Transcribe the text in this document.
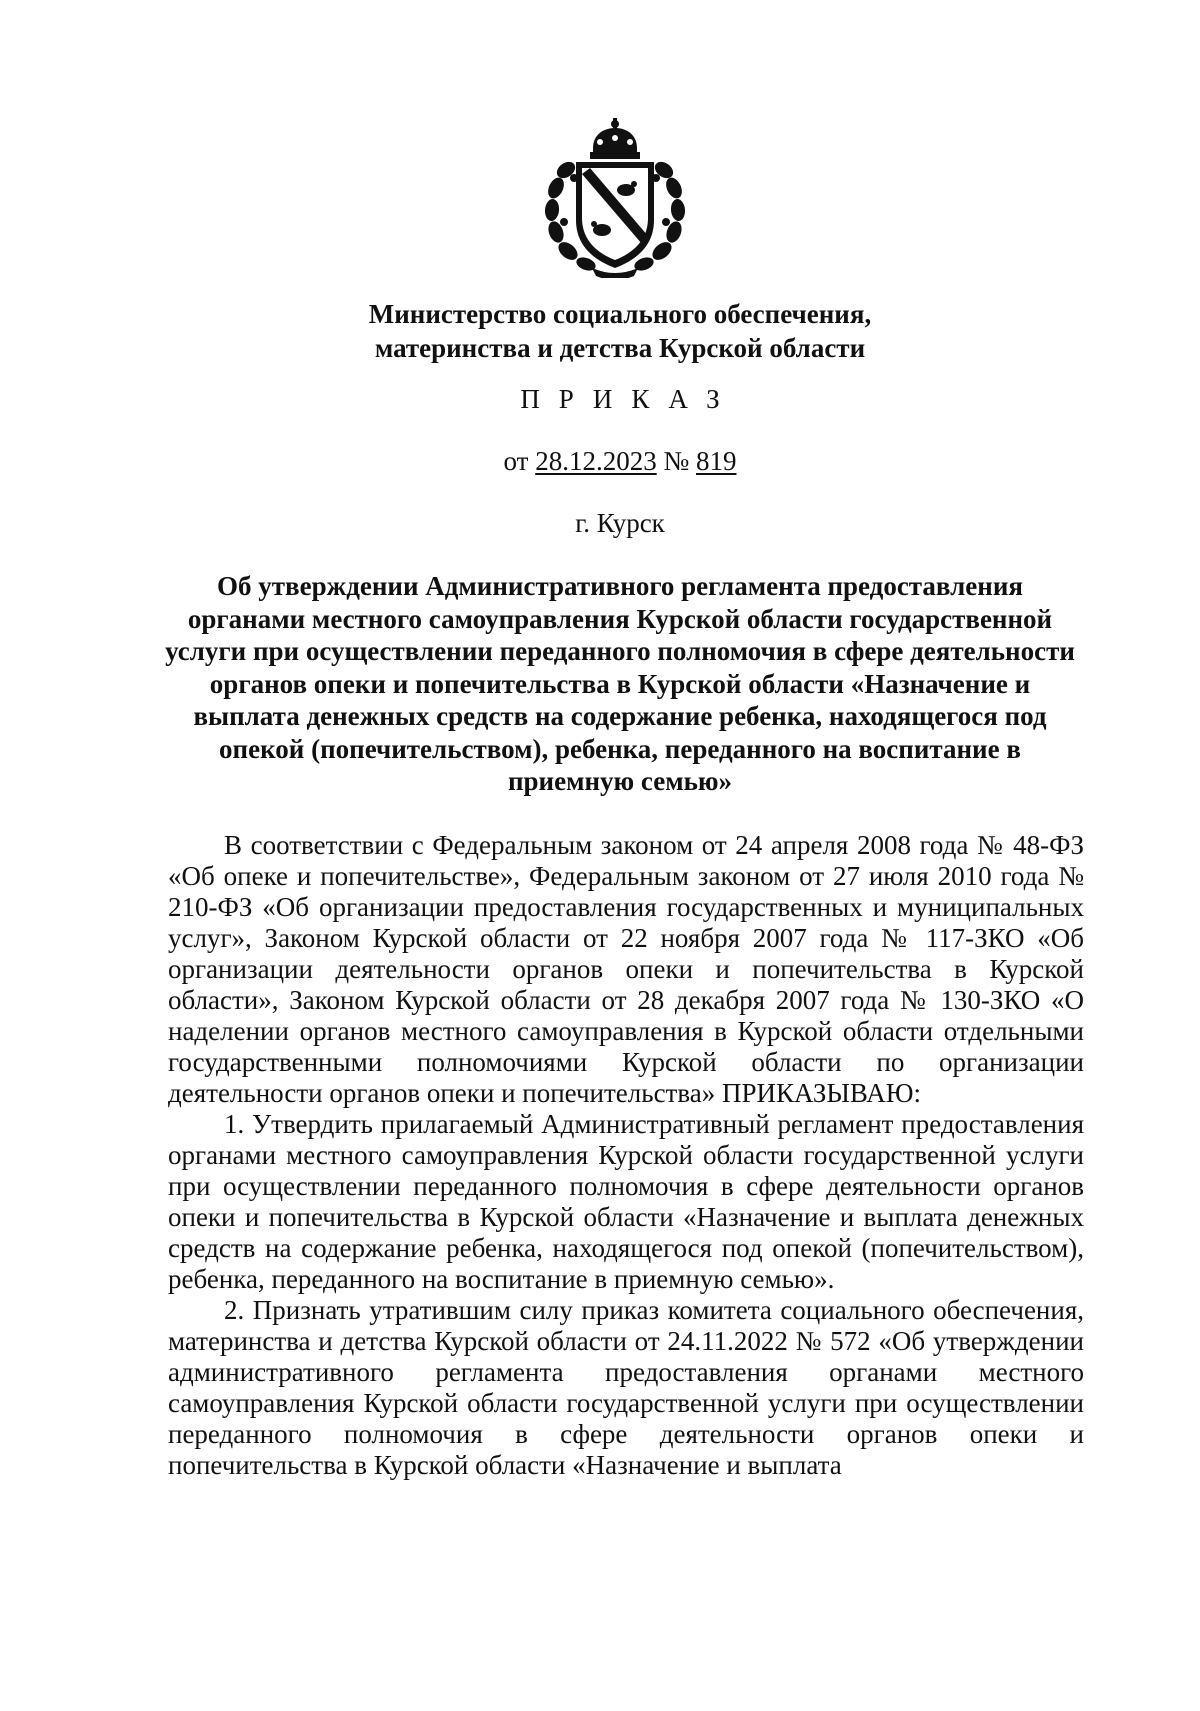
Министерство социального обеспечения,
материнства и детства Курской области
ПРИКАЗ
от 28.12.2023 № 819
г. Курск
Об утверждении Административного регламента предоставления органами местного самоуправления Курской области государственной услуги при осуществлении переданного полномочия в сфере деятельности органов опеки и попечительства в Курской области «Назначение и выплата денежных средств на содержание ребенка, находящегося под опекой (попечительством), ребенка, переданного на воспитание в приемную семью»

В соответствии с Федеральным законом от 24 апреля 2008 года № 48-ФЗ «Об опеке и попечительстве», Федеральным законом от 27 июля 2010 года № 210-ФЗ «Об организации предоставления государственных и муниципальных услуг», Законом Курской области от 22 ноября 2007 года № 117-ЗКО «Об организации деятельности органов опеки и попечительства в Курской области», Законом Курской области от 28 декабря 2007 года № 130-ЗКО «О наделении органов местного самоуправления в Курской области отдельными государственными полномочиями Курской области по организации деятельности органов опеки и попечительства» ПРИКАЗЫВАЮ:

1. Утвердить прилагаемый Административный регламент предоставления органами местного самоуправления Курской области государственной услуги при осуществлении переданного полномочия в сфере деятельности органов опеки и попечительства в Курской области «Назначение и выплата денежных средств на содержание ребенка, находящегося под опекой (попечительством), ребенка, переданного на воспитание в приемную семью».

2. Признать утратившим силу приказ комитета социального обеспечения, материнства и детства Курской области от 24.11.2022 № 572 «Об утверждении административного регламента предоставления органами местного самоуправления Курской области государственной услуги при осуществлении переданного полномочия в сфере деятельности органов опеки и попечительства в Курской области «Назначение и выплата
